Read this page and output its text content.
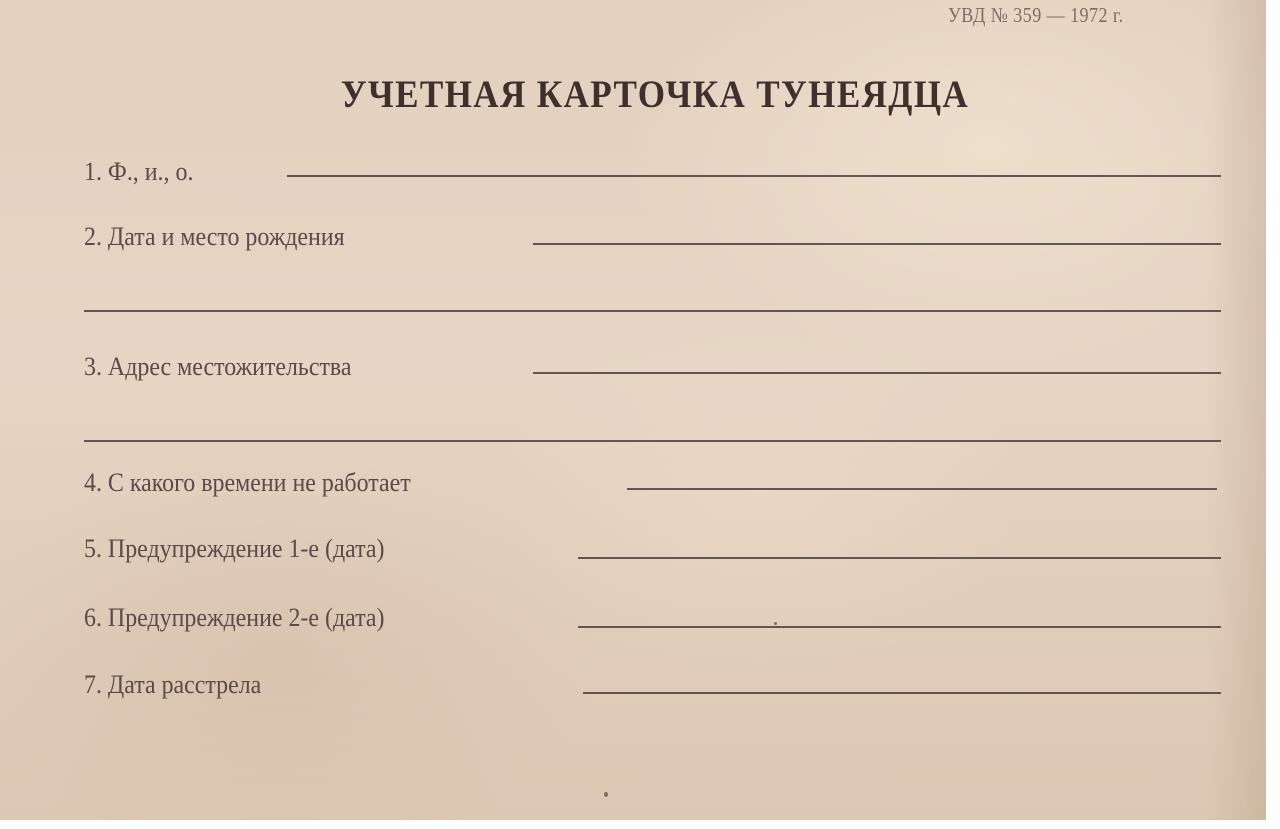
УВД № 359 — 1972 г.
УЧЕТНАЯ КАРТОЧКА ТУНЕЯДЦА
1. Ф., и., о.
2. Дата и место рождения
3. Адрес местожительства
4. С какого времени не работает
5. Предупреждение 1-е (дата)
6. Предупреждение 2-е (дата)
7. Дата расстрела
